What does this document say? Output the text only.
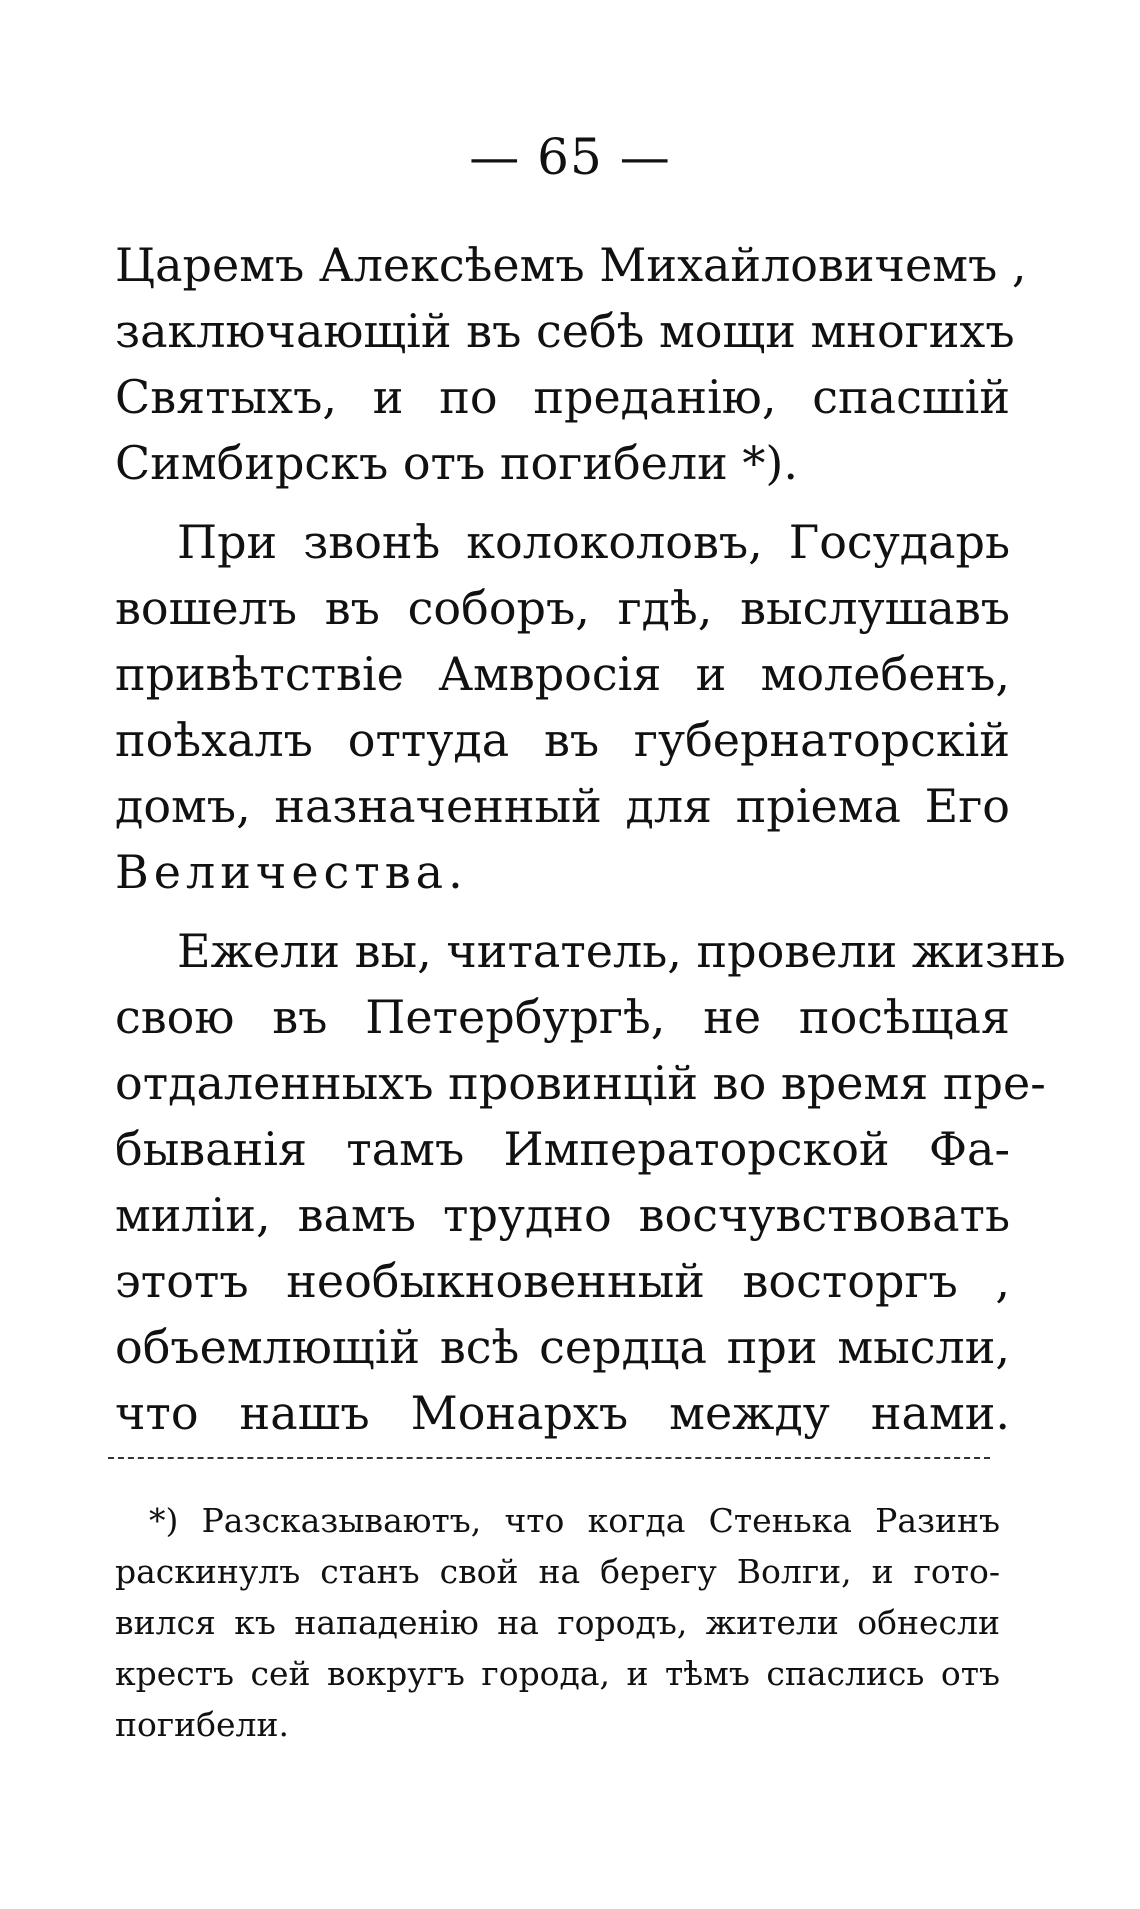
— 65 —
Царемъ Алексѣемъ Михайловичемъ ,
заключающій въ себѣ мощи многихъ
Святыхъ, и по преданію, спасшій
Симбирскъ отъ погибели *).
При звонѣ колоколовъ, Государь
вошелъ въ соборъ, гдѣ, выслушавъ
привѣтствіе Амвросія и молебенъ,
поѣхалъ оттуда въ губернаторскій
домъ, назначенный для пріема Его
Величества.
Ежели вы, читатель, провели жизнь
свою въ Петербургѣ, не посѣщая
отдаленныхъ провинцій во время пре-
быванія тамъ Императорской Фа-
миліи, вамъ трудно восчувствовать
этотъ необыкновенный восторгъ ,
объемлющій всѣ сердца при мысли,
что нашъ Монархъ между нами.
*) Разсказываютъ, что когда Стенька Разинъ
раскинулъ станъ свой на берегу Волги, и гото-
вился къ нападенію на городъ, жители обнесли
крестъ сей вокругъ города, и тѣмъ спаслись отъ
погибели.
